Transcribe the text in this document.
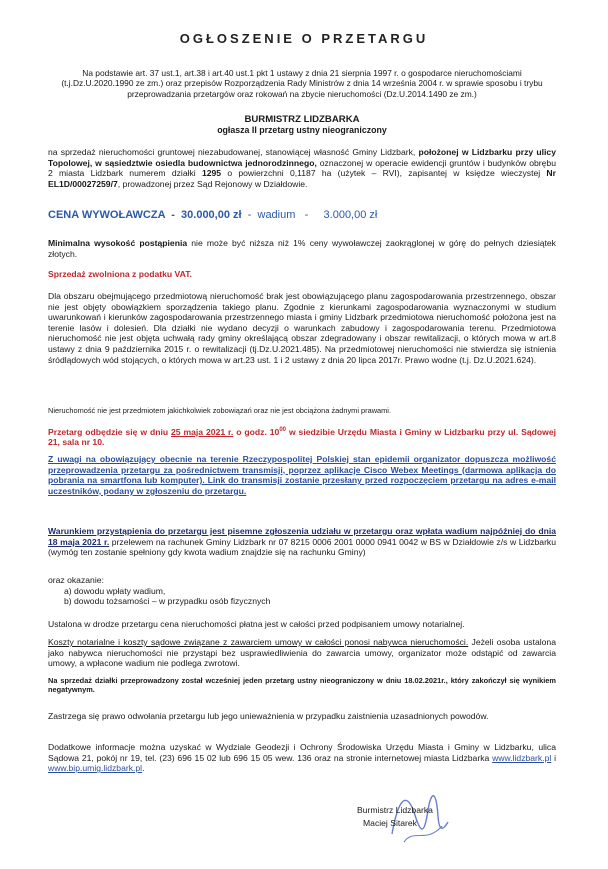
OGŁOSZENIE O PRZETARGU
Na podstawie art. 37 ust.1, art.38 i art.40 ust.1 pkt 1 ustawy z dnia 21 sierpnia 1997 r. o gospodarce nieruchomościami (t.j.Dz.U.2020.1990 ze zm.) oraz przepisów Rozporządzenia Rady Ministrów z dnia 14 września 2004 r. w sprawie sposobu i trybu przeprowadzania przetargów oraz rokowań na zbycie nieruchomości (Dz.U.2014.1490 ze zm.)
BURMISTRZ LIDZBARKA
ogłasza II przetarg ustny nieograniczony
na sprzedaż nieruchomości gruntowej niezabudowanej, stanowiącej własność Gminy Lidzbark, położonej w Lidzbarku przy ulicy Topolowej, w sąsiedztwie osiedla budownictwa jednorodzinnego, oznaczonej w operacie ewidencji gruntów i budynków obrębu 2 miasta Lidzbark numerem działki 1295 o powierzchni 0,1187 ha (użytek – RVI), zapisantej w księdze wieczystej Nr EL1D/00027259/7, prowadzonej przez Sąd Rejonowy w Działdowie.
CENA WYWOŁAWCZA  -  30.000,00 zł  -  wadium   -     3.000,00 zł
Minimalna wysokość postąpienia nie może być niższa niż 1% ceny wywoławczej zaokrąglonej w górę do pełnych dziesiątek złotych.
Sprzedaż zwolniona z podatku VAT.
Dla obszaru obejmującego przedmiotową nieruchomość brak jest obowiązującego planu zagospodarowania przestrzennego, obszar nie jest objęty obowiązkiem sporządzenia takiego planu. Zgodnie z kierunkami zagospodarowania wyznaczonymi w studium uwarunkowań i kierunków zagospodarowania przestrzennego miasta i gminy Lidzbark przedmiotowa nieruchomość położona jest na terenie lasów i dolesień. Dla działki nie wydano decyzji o warunkach zabudowy i zagospodarowania terenu. Przedmiotowa nieruchomość nie jest objęta uchwałą rady gminy określającą obszar zdegradowany i obszar rewitalizacji, o których mowa w art.8 ustawy z dnia 9 października 2015 r. o rewitalizacji (tj.Dz.U.2021.485). Na przedmiotowej nieruchomości nie stwierdza się istnienia śródlądowych wód stojących, o których mowa w art.23 ust. 1 i 2 ustawy z dnia 20 lipca 2017r. Prawo wodne (t.j. Dz.U.2021.624).
Nieruchomość nie jest przedmiotem jakichkolwiek zobowiązań oraz nie jest obciążona żadnymi prawami.
Przetarg odbędzie się w dniu 25 maja 2021 r. o godz. $10^{00}$ w siedzibie Urzędu Miasta i Gminy w Lidzbarku przy ul. Sądowej 21, sala nr 10.
Z uwagi na obowiązujący obecnie na terenie Rzeczypospolitej Polskiej stan epidemii organizator dopuszcza możliwość przeprowadzenia przetargu za pośrednictwem transmisji, poprzez aplikacje Cisco Webex Meetings (darmowa aplikacja do pobrania na smartfona lub komputer). Link do transmisji zostanie przesłany przed rozpoczęciem przetargu na adres e-mail uczestników, podany w zgłoszeniu do przetargu.
Warunkiem przystąpienia do przetargu jest pisemne zgłoszenia udziału w przetargu oraz wpłata wadium najpóźniej do dnia 18 maja 2021 r. przelewem na rachunek Gminy Lidzbark nr 07 8215 0006 2001 0000 0941 0042 w BS w Działdowie z/s w Lidzbarku (wymóg ten zostanie spełniony gdy kwota wadium znajdzie się na rachunku Gminy)
oraz okazanie:
a) dowodu wpłaty wadium,
b) dowodu tożsamości – w przypadku osób fizycznych
Ustalona w drodze przetargu cena nieruchomości płatna jest w całości przed podpisaniem umowy notarialnej.
Koszty notarialne i koszty sądowe związane z zawarciem umowy w całości ponosi nabywca nieruchomości. Jeżeli osoba ustalona jako nabywca nieruchomości nie przystąpi bez usprawiedliwienia do zawarcia umowy, organizator może odstąpić od zawarcia umowy, a wpłacone wadium nie podlega zwrotowi.
Na sprzedaż działki przeprowadzony został wcześniej jeden przetarg ustny nieograniczony w dniu 18.02.2021r., który zakończył się wynikiem negatywnym.
Zastrzega się prawo odwołania przetargu lub jego unieważnienia w przypadku zaistnienia uzasadnionych powodów.
Dodatkowe informacje można uzyskać w Wydziale Geodezji i Ochrony Środowiska Urzędu Miasta i Gminy w Lidzbarku, ulica Sądowa 21, pokój nr 19, tel. (23) 696 15 02 lub 696 15 05 wew. 136 oraz na stronie internetowej miasta Lidzbarka www.lidzbark.pl i www.bip.umig.lidzbark.pl.
Burmistrz Lidzbarka
Maciej Sitarek
